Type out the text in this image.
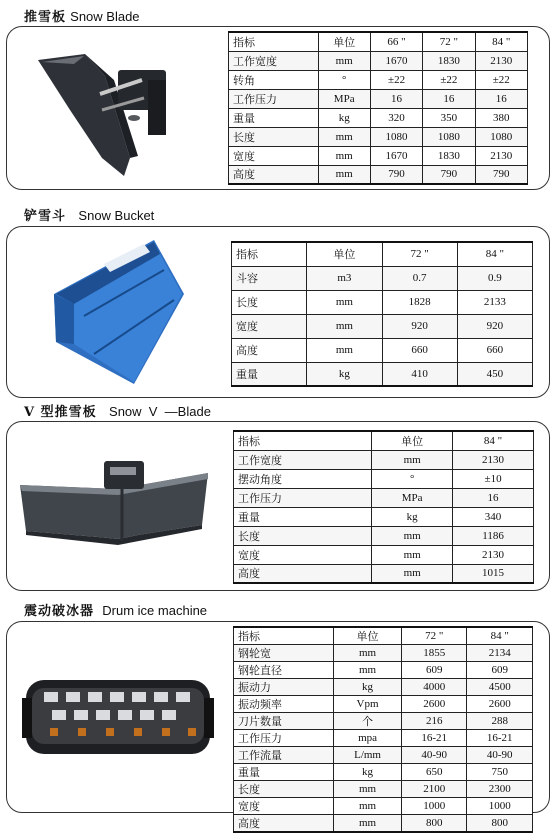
推雪板 Snow Blade
指标	单位	66 "	72 "	84 "
工作宽度	mm	1670	1830	2130
转角	°	±22	±22	±22
工作压力	MPa	16	16	16
重量	kg	320	350	380
长度	mm	1080	1080	1080
宽度	mm	1670	1830	2130
高度	mm	790	790	790
铲雪斗 Snow Bucket
指标	单位	72 "	84 "
斗容	m3	0.7	0.9
长度	mm	1828	2133
宽度	mm	920	920
高度	mm	660	660
重量	kg	410	450
V 型推雪板 Snow  V  —Blade
指标	单位	84 "
工作宽度	mm	2130
摆动角度	°	±10
工作压力	MPa	16
重量	kg	340
长度	mm	1186
宽度	mm	2130
高度	mm	1015
震动破冰器 Drum ice machine
指标	单位	72 "	84 "
钢轮宽	mm	1855	2134
钢轮直径	mm	609	609
振动力	kg	4000	4500
振动频率	Vpm	2600	2600
刀片数量	个	216	288
工作压力	mpa	16-21	16-21
工作流量	L/mm	40-90	40-90
重量	kg	650	750
长度	mm	2100	2300
宽度	mm	1000	1000
高度	mm	800	800
